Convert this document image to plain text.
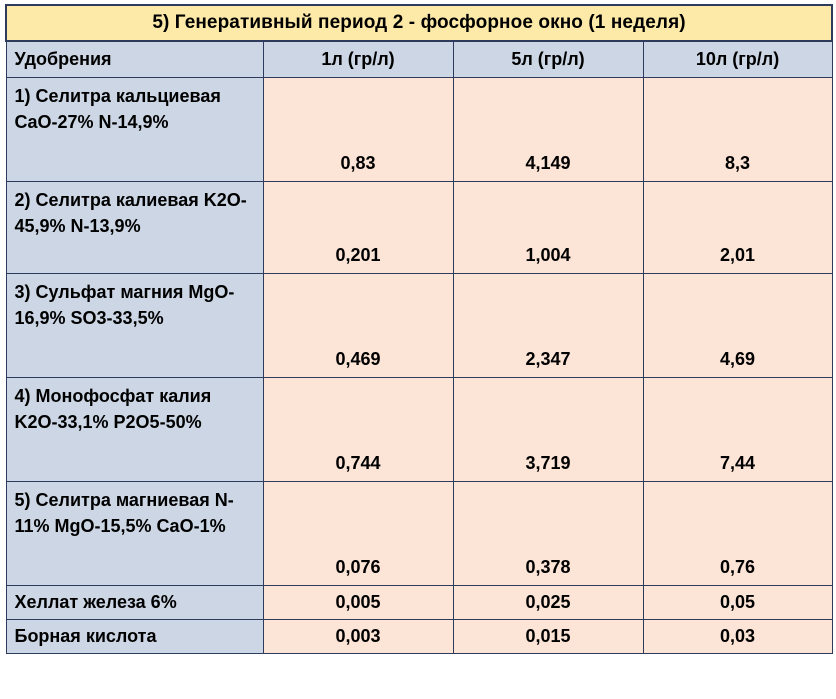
5) Генеративный период 2 - фосфорное окно (1 неделя)			
Удобрения	1л (гр/л)	5л (гр/л)	10л (гр/л)
1) Селитра кальциевая CaO-27% N-14,9%	0,83	4,149	8,3
2) Селитра калиевая K2O-45,9% N-13,9%	0,201	1,004	2,01
3) Сульфат магния MgO-16,9% SO3-33,5%	0,469	2,347	4,69
4) Монофосфат калия K2O-33,1% P2O5-50%	0,744	3,719	7,44
5) Селитра магниевая N-11% MgO-15,5% CaO-1%	0,076	0,378	0,76
Хеллат железа 6%	0,005	0,025	0,05
Борная кислота	0,003	0,015	0,03
